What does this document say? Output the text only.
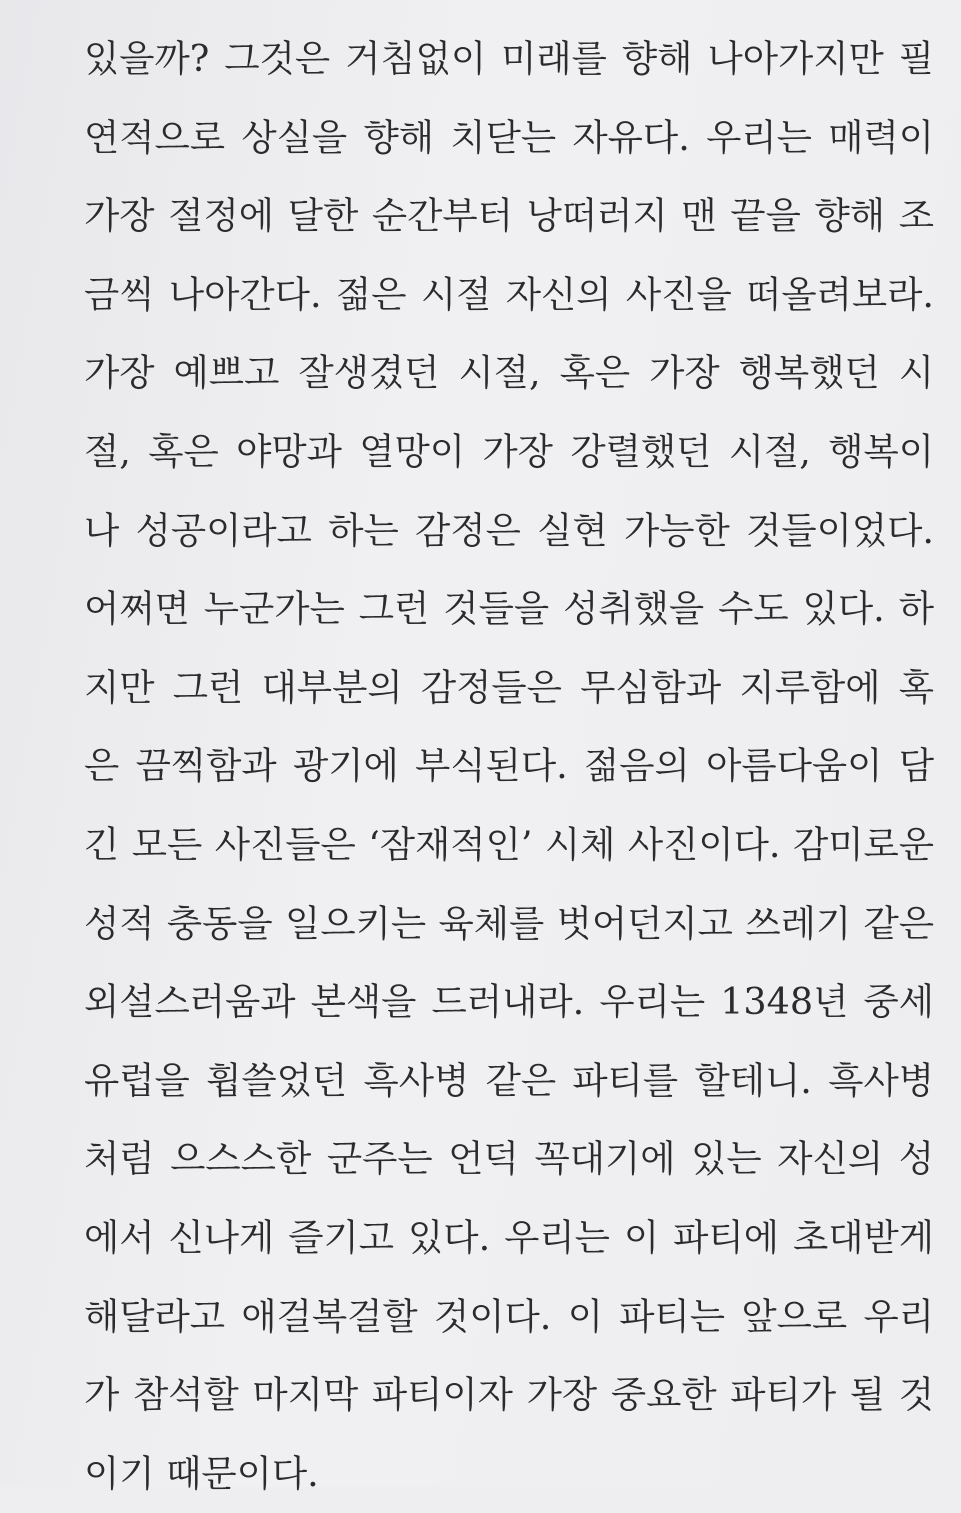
있을까? 그것은 거침없이 미래를 향해 나아가지만 필
연적으로 상실을 향해 치닫는 자유다. 우리는 매력이
가장 절정에 달한 순간부터 낭떠러지 맨 끝을 향해 조
금씩 나아간다. 젊은 시절 자신의 사진을 떠올려보라.
가장 예쁘고 잘생겼던 시절, 혹은 가장 행복했던 시
절, 혹은 야망과 열망이 가장 강렬했던 시절, 행복이
나 성공이라고 하는 감정은 실현 가능한 것들이었다.
어쩌면 누군가는 그런 것들을 성취했을 수도 있다. 하
지만 그런 대부분의 감정들은 무심함과 지루함에 혹
은 끔찍함과 광기에 부식된다. 젊음의 아름다움이 담
긴 모든 사진들은 ‘잠재적인’ 시체 사진이다. 감미로운
성적 충동을 일으키는 육체를 벗어던지고 쓰레기 같은
외설스러움과 본색을 드러내라. 우리는 1348년 중세
유럽을 휩쓸었던 흑사병 같은 파티를 할테니. 흑사병
처럼 으스스한 군주는 언덕 꼭대기에 있는 자신의 성
에서 신나게 즐기고 있다. 우리는 이 파티에 초대받게
해달라고 애걸복걸할 것이다. 이 파티는 앞으로 우리
가 참석할 마지막 파티이자 가장 중요한 파티가 될 것
이기 때문이다.
